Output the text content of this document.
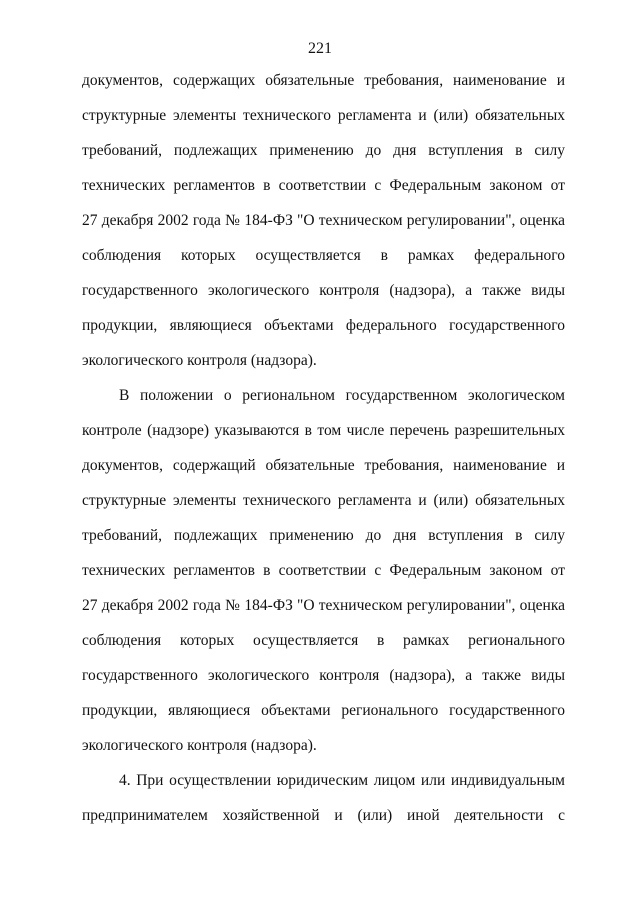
221
документов, содержащих обязательные требования, наименование и
структурные элементы технического регламента и (или) обязательных
требований, подлежащих применению до дня вступления в силу
технических регламентов в соответствии с Федеральным законом от
27 декабря 2002 года № 184-ФЗ "О техническом регулировании", оценка
соблюдения которых осуществляется в рамках федерального
государственного экологического контроля (надзора), а также виды
продукции, являющиеся объектами федерального государственного
экологического контроля (надзора).
В положении о региональном государственном экологическом
контроле (надзоре) указываются в том числе перечень разрешительных
документов, содержащий обязательные требования, наименование и
структурные элементы технического регламента и (или) обязательных
требований, подлежащих применению до дня вступления в силу
технических регламентов в соответствии с Федеральным законом от
27 декабря 2002 года № 184-ФЗ "О техническом регулировании", оценка
соблюдения которых осуществляется в рамках регионального
государственного экологического контроля (надзора), а также виды
продукции, являющиеся объектами регионального государственного
экологического контроля (надзора).
4. При осуществлении юридическим лицом или индивидуальным
предпринимателем хозяйственной и (или) иной деятельности с
